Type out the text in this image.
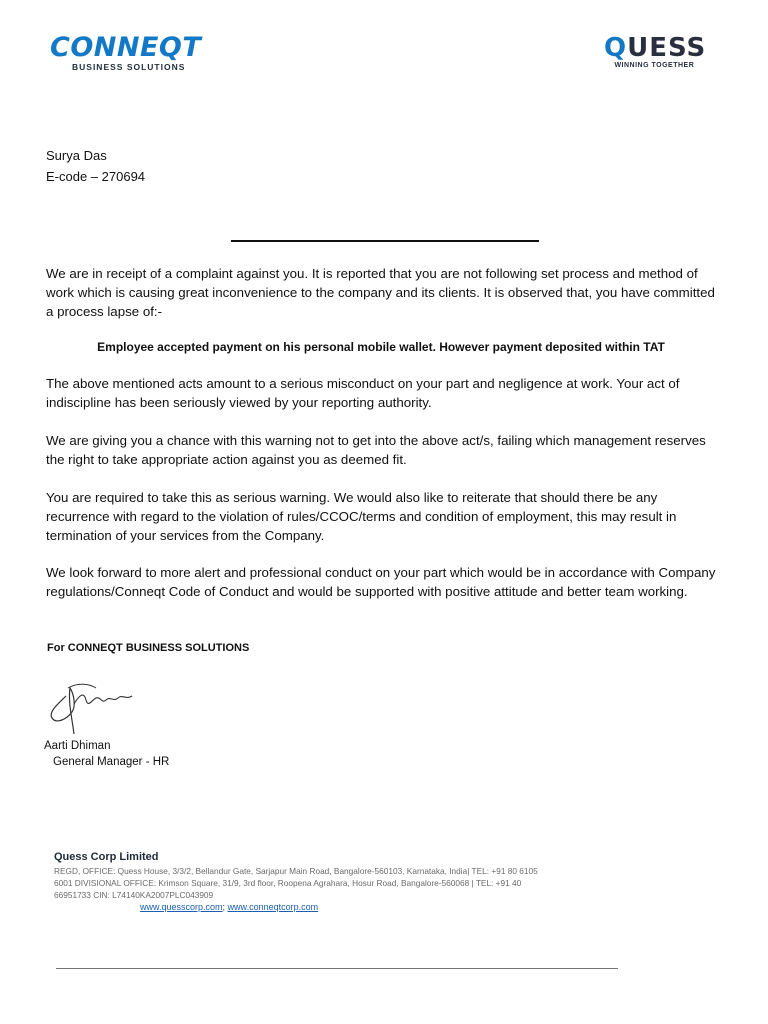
CONNEQT
BUSINESS SOLUTIONS
QUESS
WINNING TOGETHER
Surya Das
E-code – 270694
We are in receipt of a complaint against you. It is reported that you are not following set process and method of work which is causing great inconvenience to the company and its clients. It is observed that, you have committed a process lapse of:-
Employee accepted payment on his personal mobile wallet. However payment deposited within TAT
The above mentioned acts amount to a serious misconduct on your part and negligence at work. Your act of indiscipline has been seriously viewed by your reporting authority.
We are giving you a chance with this warning not to get into the above act/s, failing which management reserves the right to take appropriate action against you as deemed fit.
You are required to take this as serious warning. We would also like to reiterate that should there be any recurrence with regard to the violation of rules/CCOC/terms and condition of employment, this may result in termination of your services from the Company.
We look forward to more alert and professional conduct on your part which would be in accordance with Company regulations/Conneqt Code of Conduct and would be supported with positive attitude and better team working.
For CONNEQT BUSINESS SOLUTIONS
Aarti Dhiman
General Manager - HR
Quess Corp Limited
REGD, OFFICE: Quess House, 3/3/2, Bellandur Gate, Sarjapur Main Road, Bangalore-560103, Karnataka, India| TEL: +91 80 6105
6001 DIVISIONAL OFFICE: Krimson Square, 31/9, 3rd floor, Roopena Agrahara, Hosur Road, Bangalore-560068 | TEL: +91 40
66951733 CIN: L74140KA2007PLC043909
www.quesscorp.com; www.conneqtcorp.com
